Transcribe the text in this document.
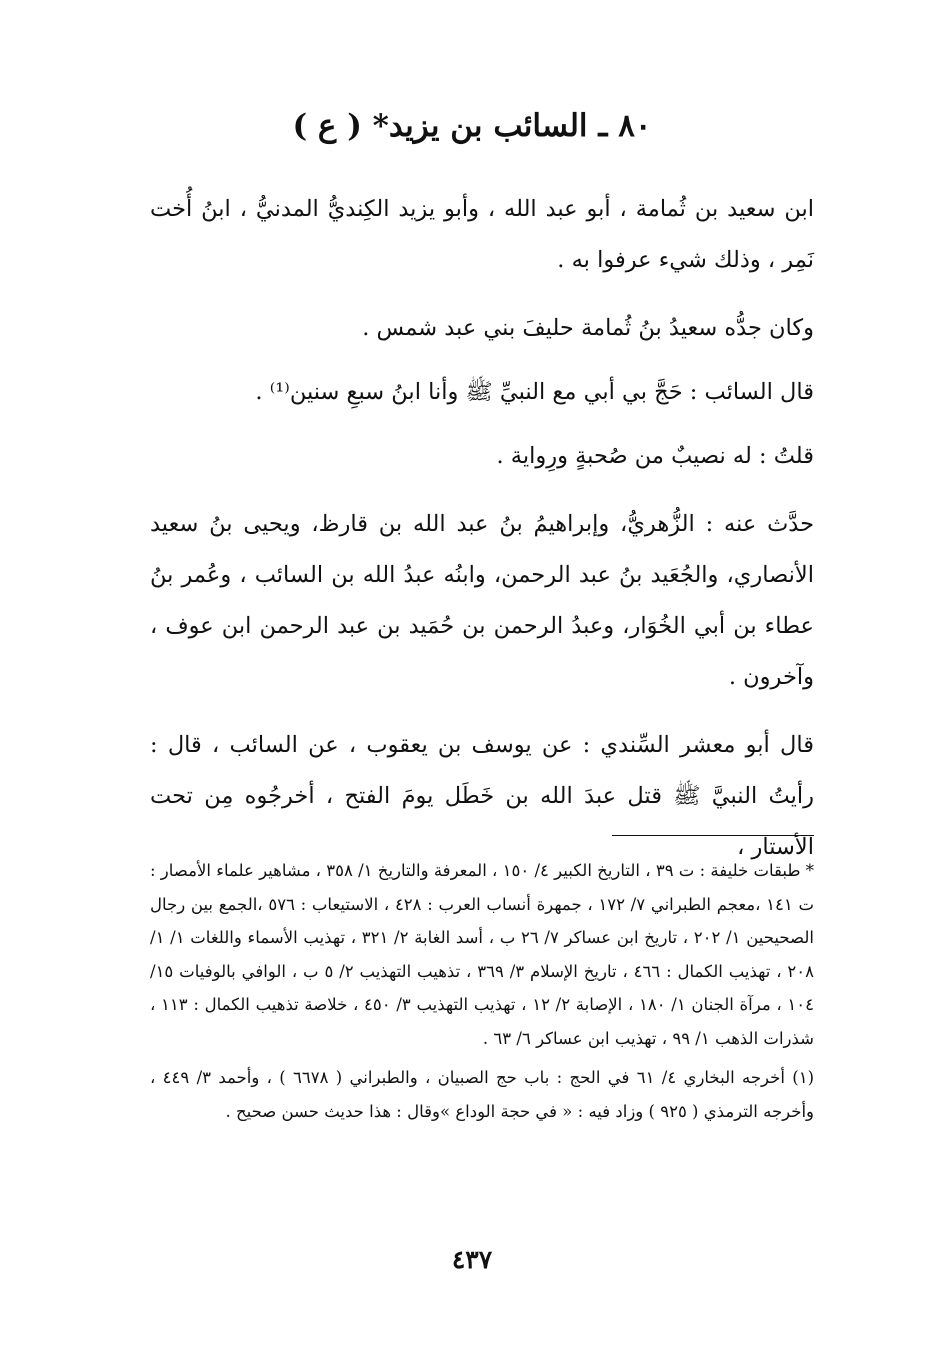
٨٠ ـ السائب بن يزيد* ( ع )

ابن سعيد بن ثُمامة ، أبو عبد الله ، وأبو يزيد الكِنديُّ المدنيُّ ، ابنُ أُخت نَمِر ، وذلك شيء عرفوا به .

وكان جدُّه سعيدُ بنُ ثُمامة حليفَ بني عبد شمس .

قال السائب : حَجَّ بي أبي مع النبيِّ ﷺ وأنا ابنُ سبعِ سنين⁽¹⁾ .

قلتُ : له نصيبٌ من صُحبةٍ ورِواية .

حدَّث عنه : الزُّهريُّ، وإبراهيمُ بنُ عبد الله بن قارظ، ويحيى بنُ سعيد الأنصاري، والجُعَيد بنُ عبد الرحمن، وابنُه عبدُ الله بن السائب ، وعُمر بنُ عطاء بن أبي الخُوَار، وعبدُ الرحمن بن حُمَيد بن عبد الرحمن ابن عوف ، وآخرون .

قال أبو معشر السِّندي : عن يوسف بن يعقوب ، عن السائب ، قال : رأيتُ النبيَّ ﷺ قتل عبدَ الله بن خَطَل يومَ الفتح ، أخرجُوه مِن تحت الأستار ،

* طبقات خليفة : ت ٣٩ ، التاريخ الكبير ٤/ ١٥٠ ، المعرفة والتاريخ ١/ ٣٥٨ ، مشاهير علماء الأمصار : ت ١٤١ ،معجم الطبراني ٧/ ١٧٢ ، جمهرة أنساب العرب : ٤٢٨ ، الاستيعاب : ٥٧٦ ،الجمع بين رجال الصحيحين ١/ ٢٠٢ ، تاريخ ابن عساكر ٧/ ٢٦ ب ، أسد الغابة ٢/ ٣٢١ ، تهذيب الأسماء واللغات ١/ ١/ ٢٠٨ ، تهذيب الكمال : ٤٦٦ ، تاريخ الإسلام ٣/ ٣٦٩ ، تذهيب التهذيب ٢/ ٥ ب ، الوافي بالوفيات ١٥/ ١٠٤ ، مرآة الجنان ١/ ١٨٠ ، الإصابة ٢/ ١٢ ، تهذيب التهذيب ٣/ ٤٥٠ ، خلاصة تذهيب الكمال : ١١٣ ، شذرات الذهب ١/ ٩٩ ، تهذيب ابن عساكر ٦/ ٦٣ .

(١) أخرجه البخاري ٤/ ٦١ في الحج : باب حج الصبيان ، والطبراني ( ٦٦٧٨ ) ، وأحمد ٣/ ٤٤٩ ، وأخرجه الترمذي ( ٩٢٥ ) وزاد فيه : « في حجة الوداع »وقال : هذا حديث حسن صحيح .

٤٣٧
